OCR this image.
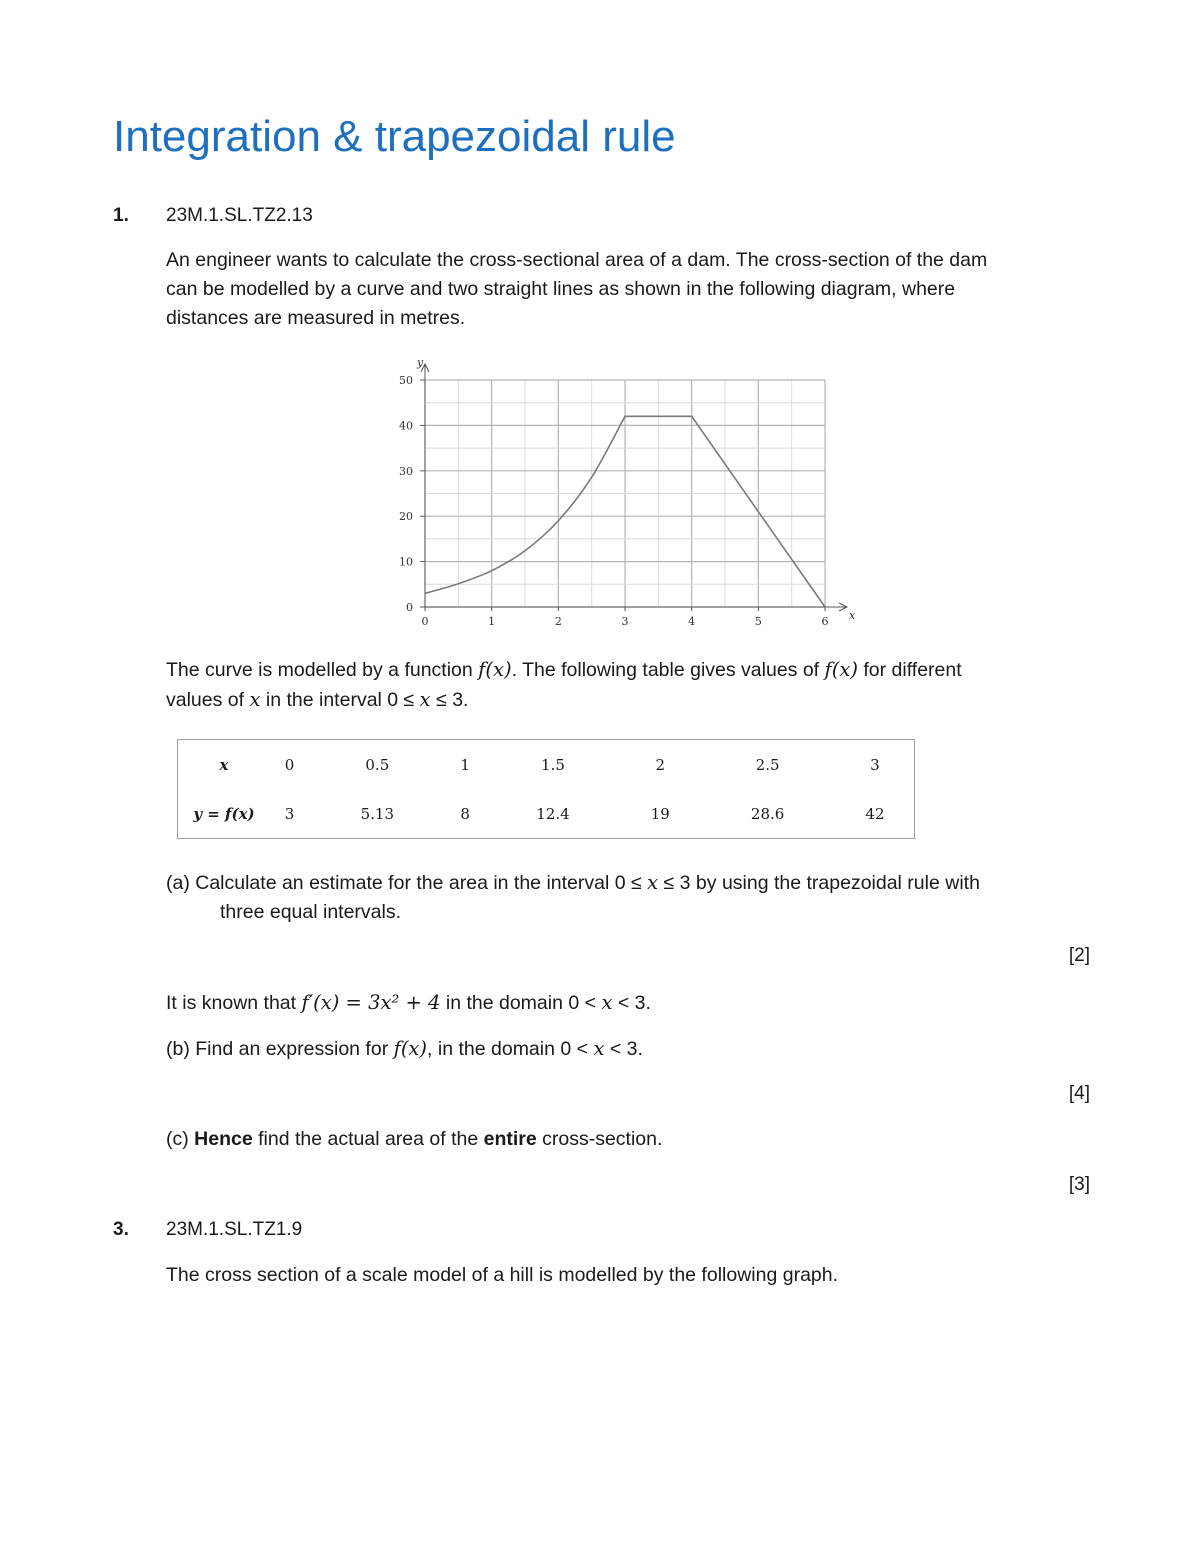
Integration & trapezoidal rule
1. 23M.1.SL.TZ2.13
An engineer wants to calculate the cross-sectional area of a dam. The cross-section of the dam
can be modelled by a curve and two straight lines as shown in the following diagram, where
distances are measured in metres.
x
y
0	1	2	3	4	5	6
0
10
20
30
40
50
The curve is modelled by a function f(x). The following table gives values of f(x) for different
values of x in the interval 0 ≤ x ≤ 3.
x	0	0.5	1	1.5	2	2.5	3
y = f(x)	3	5.13	8	12.4	19	28.6	42
(a) Calculate an estimate for the area in the interval 0 ≤ x ≤ 3 by using the trapezoidal rule with
three equal intervals.
[2]
It is known that f′(x) = 3x² + 4 in the domain 0 < x < 3.
(b) Find an expression for f(x), in the domain 0 < x < 3.
[4]
(c) Hence find the actual area of the entire cross-section.
[3]
3. 23M.1.SL.TZ1.9
The cross section of a scale model of a hill is modelled by the following graph.
